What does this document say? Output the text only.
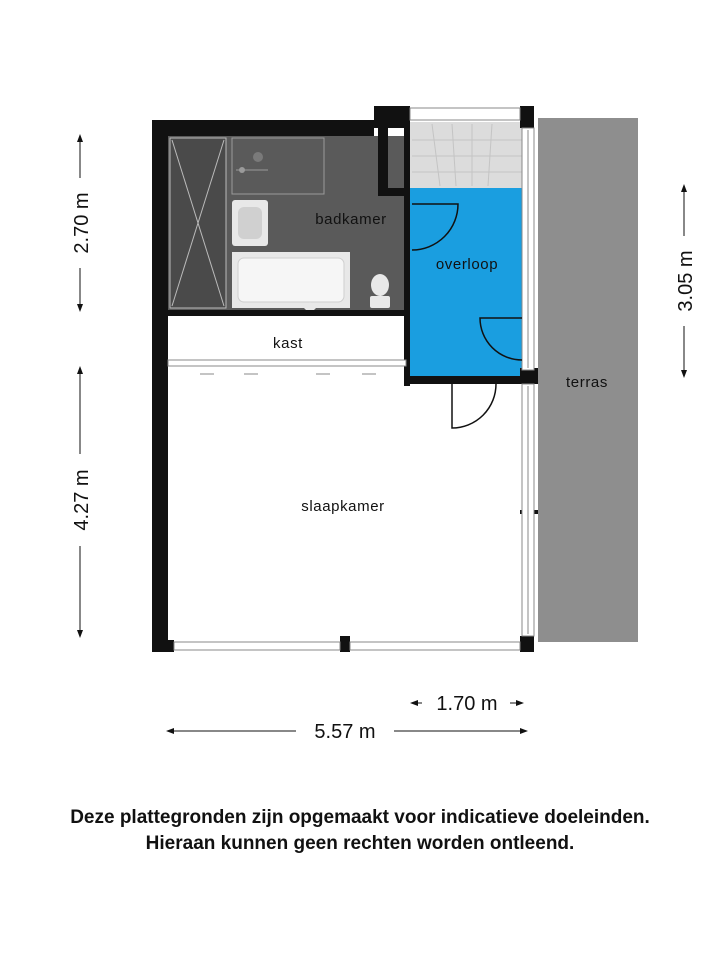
badkamer
overloop
kast
slaapkamer
terras
2.70 m
4.27 m
3.05 m
1.70 m
5.57 m
Deze plattegronden zijn opgemaakt voor indicatieve doeleinden.
Hieraan kunnen geen rechten worden ontleend.
